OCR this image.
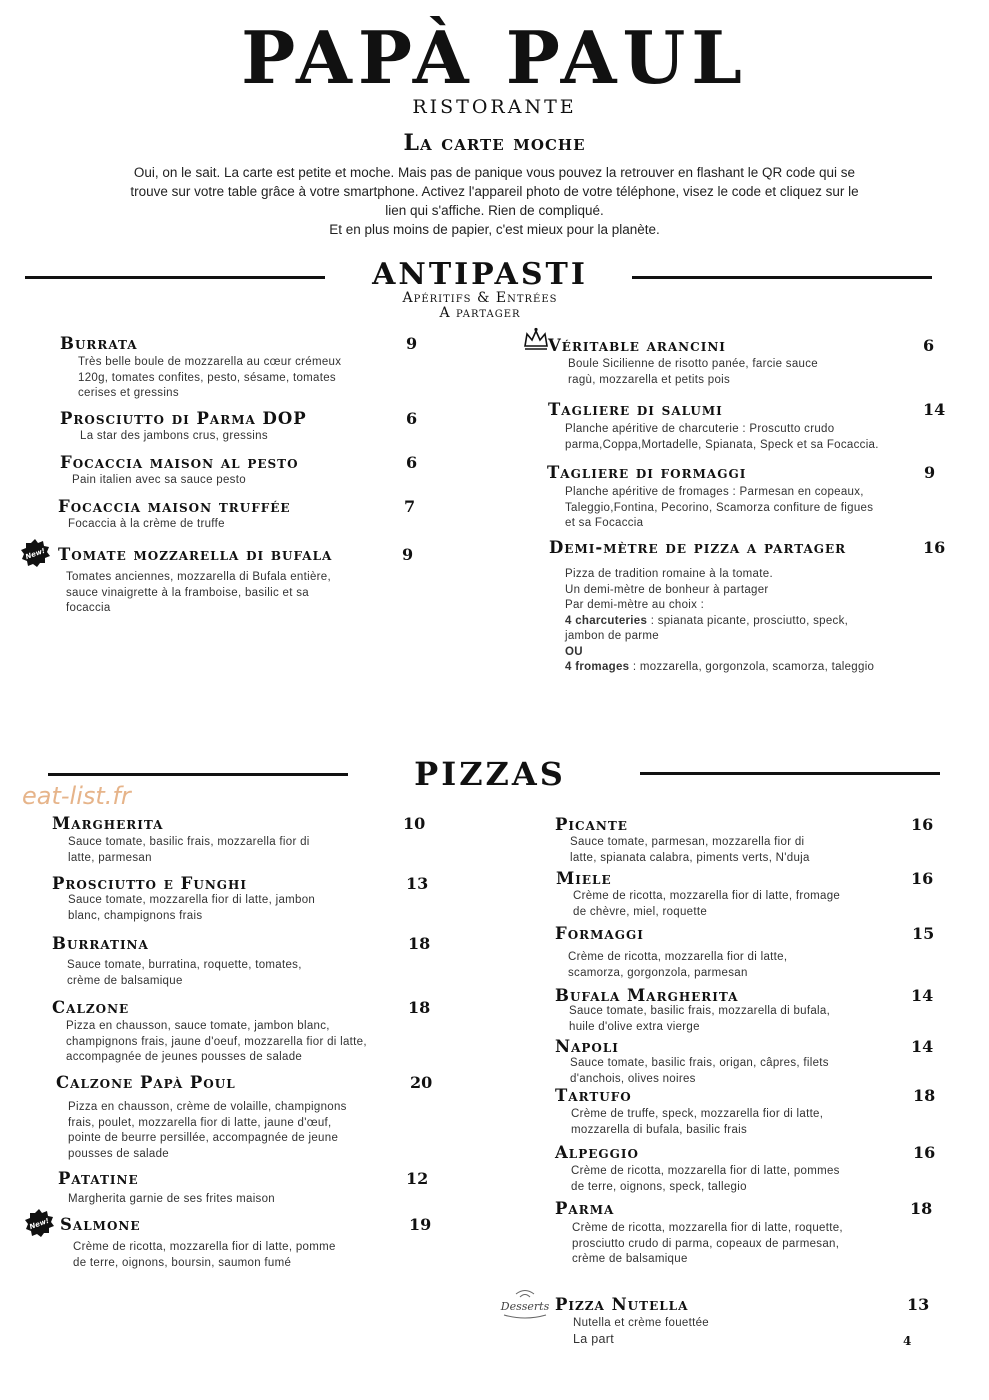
PAPÀ PAUL
RISTORANTE
La carte moche

Oui, on le sait. La carte est petite et moche. Mais pas de panique vous pouvez la retrouver en flashant le QR code qui se

trouve sur votre table grâce à votre smartphone. Activez l'appareil photo de votre téléphone, visez le code et cliquez sur le

lien qui s'affiche. Rien de compliqué.

Et en plus moins de papier, c'est mieux pour la planète.

ANTIPASTI
Apéritifs & Entrées
A partager
Burrata	9

Très belle boule de mozzarella au cœur crémeux

120g, tomates confites, pesto, sésame, tomates

cerises et gressins

Prosciutto di Parma DOP	6

La star des jambons crus, gressins

Focaccia maison al pesto	6

Pain italien avec sa sauce pesto

Focaccia maison truffée	7

Focaccia à la crème de truffe

New! Tomate mozzarella di bufala	9

Tomates anciennes, mozzarella di Bufala entière,

sauce vinaigrette à la framboise, basilic et sa

focaccia

Véritable arancini	6

Boule Sicilienne de risotto panée, farcie sauce

ragù, mozzarella et petits pois

Tagliere di salumi	14

Planche apéritive de charcuterie : Proscutto crudo

parma,Coppa,Mortadelle, Spianata, Speck et sa Focaccia.

Tagliere di formaggi	9

Planche apéritive de fromages : Parmesan en copeaux,

Taleggio,Fontina, Pecorino, Scamorza confiture de figues

et sa Focaccia

Demi-mètre de pizza a partager	16

Pizza de tradition romaine à la tomate.

Un demi-mètre de bonheur à partager

Par demi-mètre au choix :

4 charcuteries : spianata picante, prosciutto, speck,

jambon de parme

OU

4 fromages : mozzarella, gorgonzola, scamorza, taleggio

PIZZAS
eat-list.fr
Margherita	10

Sauce tomate, basilic frais, mozzarella fior di

latte, parmesan

Prosciutto e Funghi	13

Sauce tomate, mozzarella fior di latte, jambon

blanc, champignons frais

Burratina	18

Sauce tomate, burratina, roquette, tomates,

crème de balsamique

Calzone	18

Pizza en chausson, sauce tomate, jambon blanc,

champignons frais, jaune d'oeuf, mozzarella fior di latte,

accompagnée de jeunes pousses de salade

Calzone Papà Poul	20

Pizza en chausson, crème de volaille, champignons

frais, poulet, mozzarella fior di latte, jaune d'œuf,

pointe de beurre persillée, accompagnée de jeune

pousses de salade

Patatine	12

Margherita garnie de ses frites maison

New! Salmone	19

Crème de ricotta, mozzarella fior di latte, pomme

de terre, oignons, boursin, saumon fumé

Picante	16

Sauce tomate, parmesan, mozzarella fior di

latte, spianata calabra, piments verts, N'duja

Miele	16

Crème de ricotta, mozzarella fior di latte, fromage

de chèvre, miel, roquette

Formaggi	15

Crème de ricotta, mozzarella fior di latte,

scamorza, gorgonzola, parmesan

Bufala Margherita	14

Sauce tomate, basilic frais, mozzarella di bufala,

huile d'olive extra vierge

Napoli	14

Sauce tomate, basilic frais, origan, câpres, filets

d'anchois, olives noires

Tartufo	18

Crème de truffe, speck, mozzarella fior di latte,

mozzarella di bufala, basilic frais

Alpeggio	16

Crème de ricotta, mozzarella fior di latte, pommes

de terre, oignons, speck, tallegio

Parma	18

Crème de ricotta, mozzarella fior di latte, roquette,

prosciutto crudo di parma, copeaux de parmesan,

crème de balsamique

Desserts Pizza Nutella	13

Nutella et crème fouettée

La part	4
